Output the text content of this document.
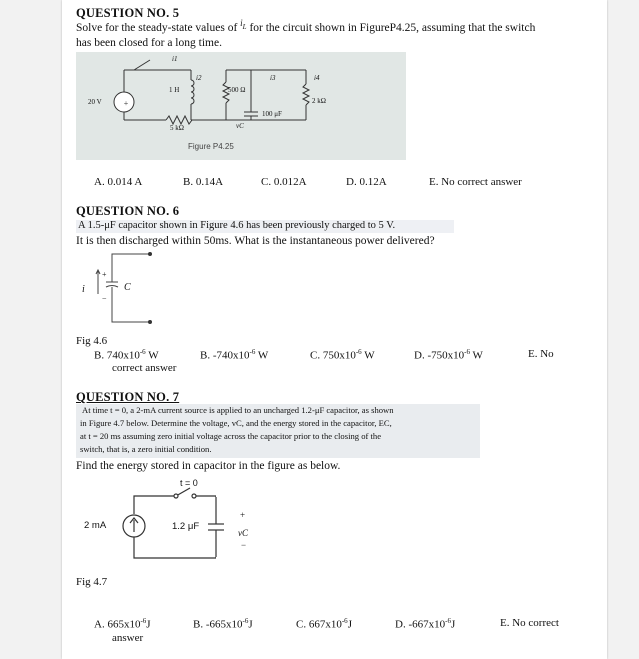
QUESTION NO. 5
Solve for the steady-state values of $^{i_L}$ for the circuit shown in FigureP4.25, assuming that the switch
has been closed for a long time.
+
20 V
1 H	500 Ω
2 kΩ
5 kΩ
100 μF
vC
i1
i2	i3	i4
Figure P4.25
A. 0.014 A	B. 0.14A	C. 0.012A	D. 0.12A	E. No correct answer
QUESTION NO. 6
A 1.5-μF capacitor shown in Figure 4.6 has been previously charged to 5 V.
It is then discharged within 50ms. What is the instantaneous power delivered?
i
+
−
C
Fig 4.6
B. $740x10^{-6}$ W	B. $-740x10^{-6}$ W	C. $750x10^{-6}$ W	D. $-750x10^{-6}$ W	E. No
correct answer
QUESTION NO. 7
At time t = 0, a 2-mA current source is applied to an uncharged 1.2-μF capacitor, as shown
in Figure 4.7 below. Determine the voltage, vC, and the energy stored in the capacitor, EC,
at t = 20 ms assuming zero initial voltage across the capacitor prior to the closing of the
switch, that is, a zero initial condition.
Find the energy stored in capacitor in the figure as below.
t = 0
2 mA	1.2 μF
+
vC
−
Fig 4.7
A. $665x10^{-6}J$	B. $-665x10^{-6}J$	C. $667x10^{-6}J$	D. $-667x10^{-6}J$	E. No correct
answer
